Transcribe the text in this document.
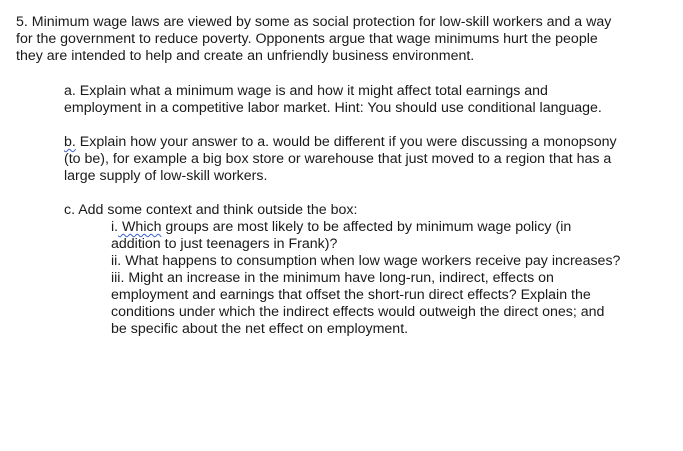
5. Minimum wage laws are viewed by some as social protection for low-skill workers and a way
for the government to reduce poverty. Opponents argue that wage minimums hurt the people
they are intended to help and create an unfriendly business environment.
a. Explain what a minimum wage is and how it might affect total earnings and
employment in a competitive labor market. Hint: You should use conditional language.
b. Explain how your answer to a. would be different if you were discussing a monopsony
(to be), for example a big box store or warehouse that just moved to a region that has a
large supply of low-skill workers.
c. Add some context and think outside the box:
i. Which groups are most likely to be affected by minimum wage policy (in
addition to just teenagers in Frank)?
ii. What happens to consumption when low wage workers receive pay increases?
iii. Might an increase in the minimum have long-run, indirect, effects on
employment and earnings that offset the short-run direct effects? Explain the
conditions under which the indirect effects would outweigh the direct ones; and
be specific about the net effect on employment.
